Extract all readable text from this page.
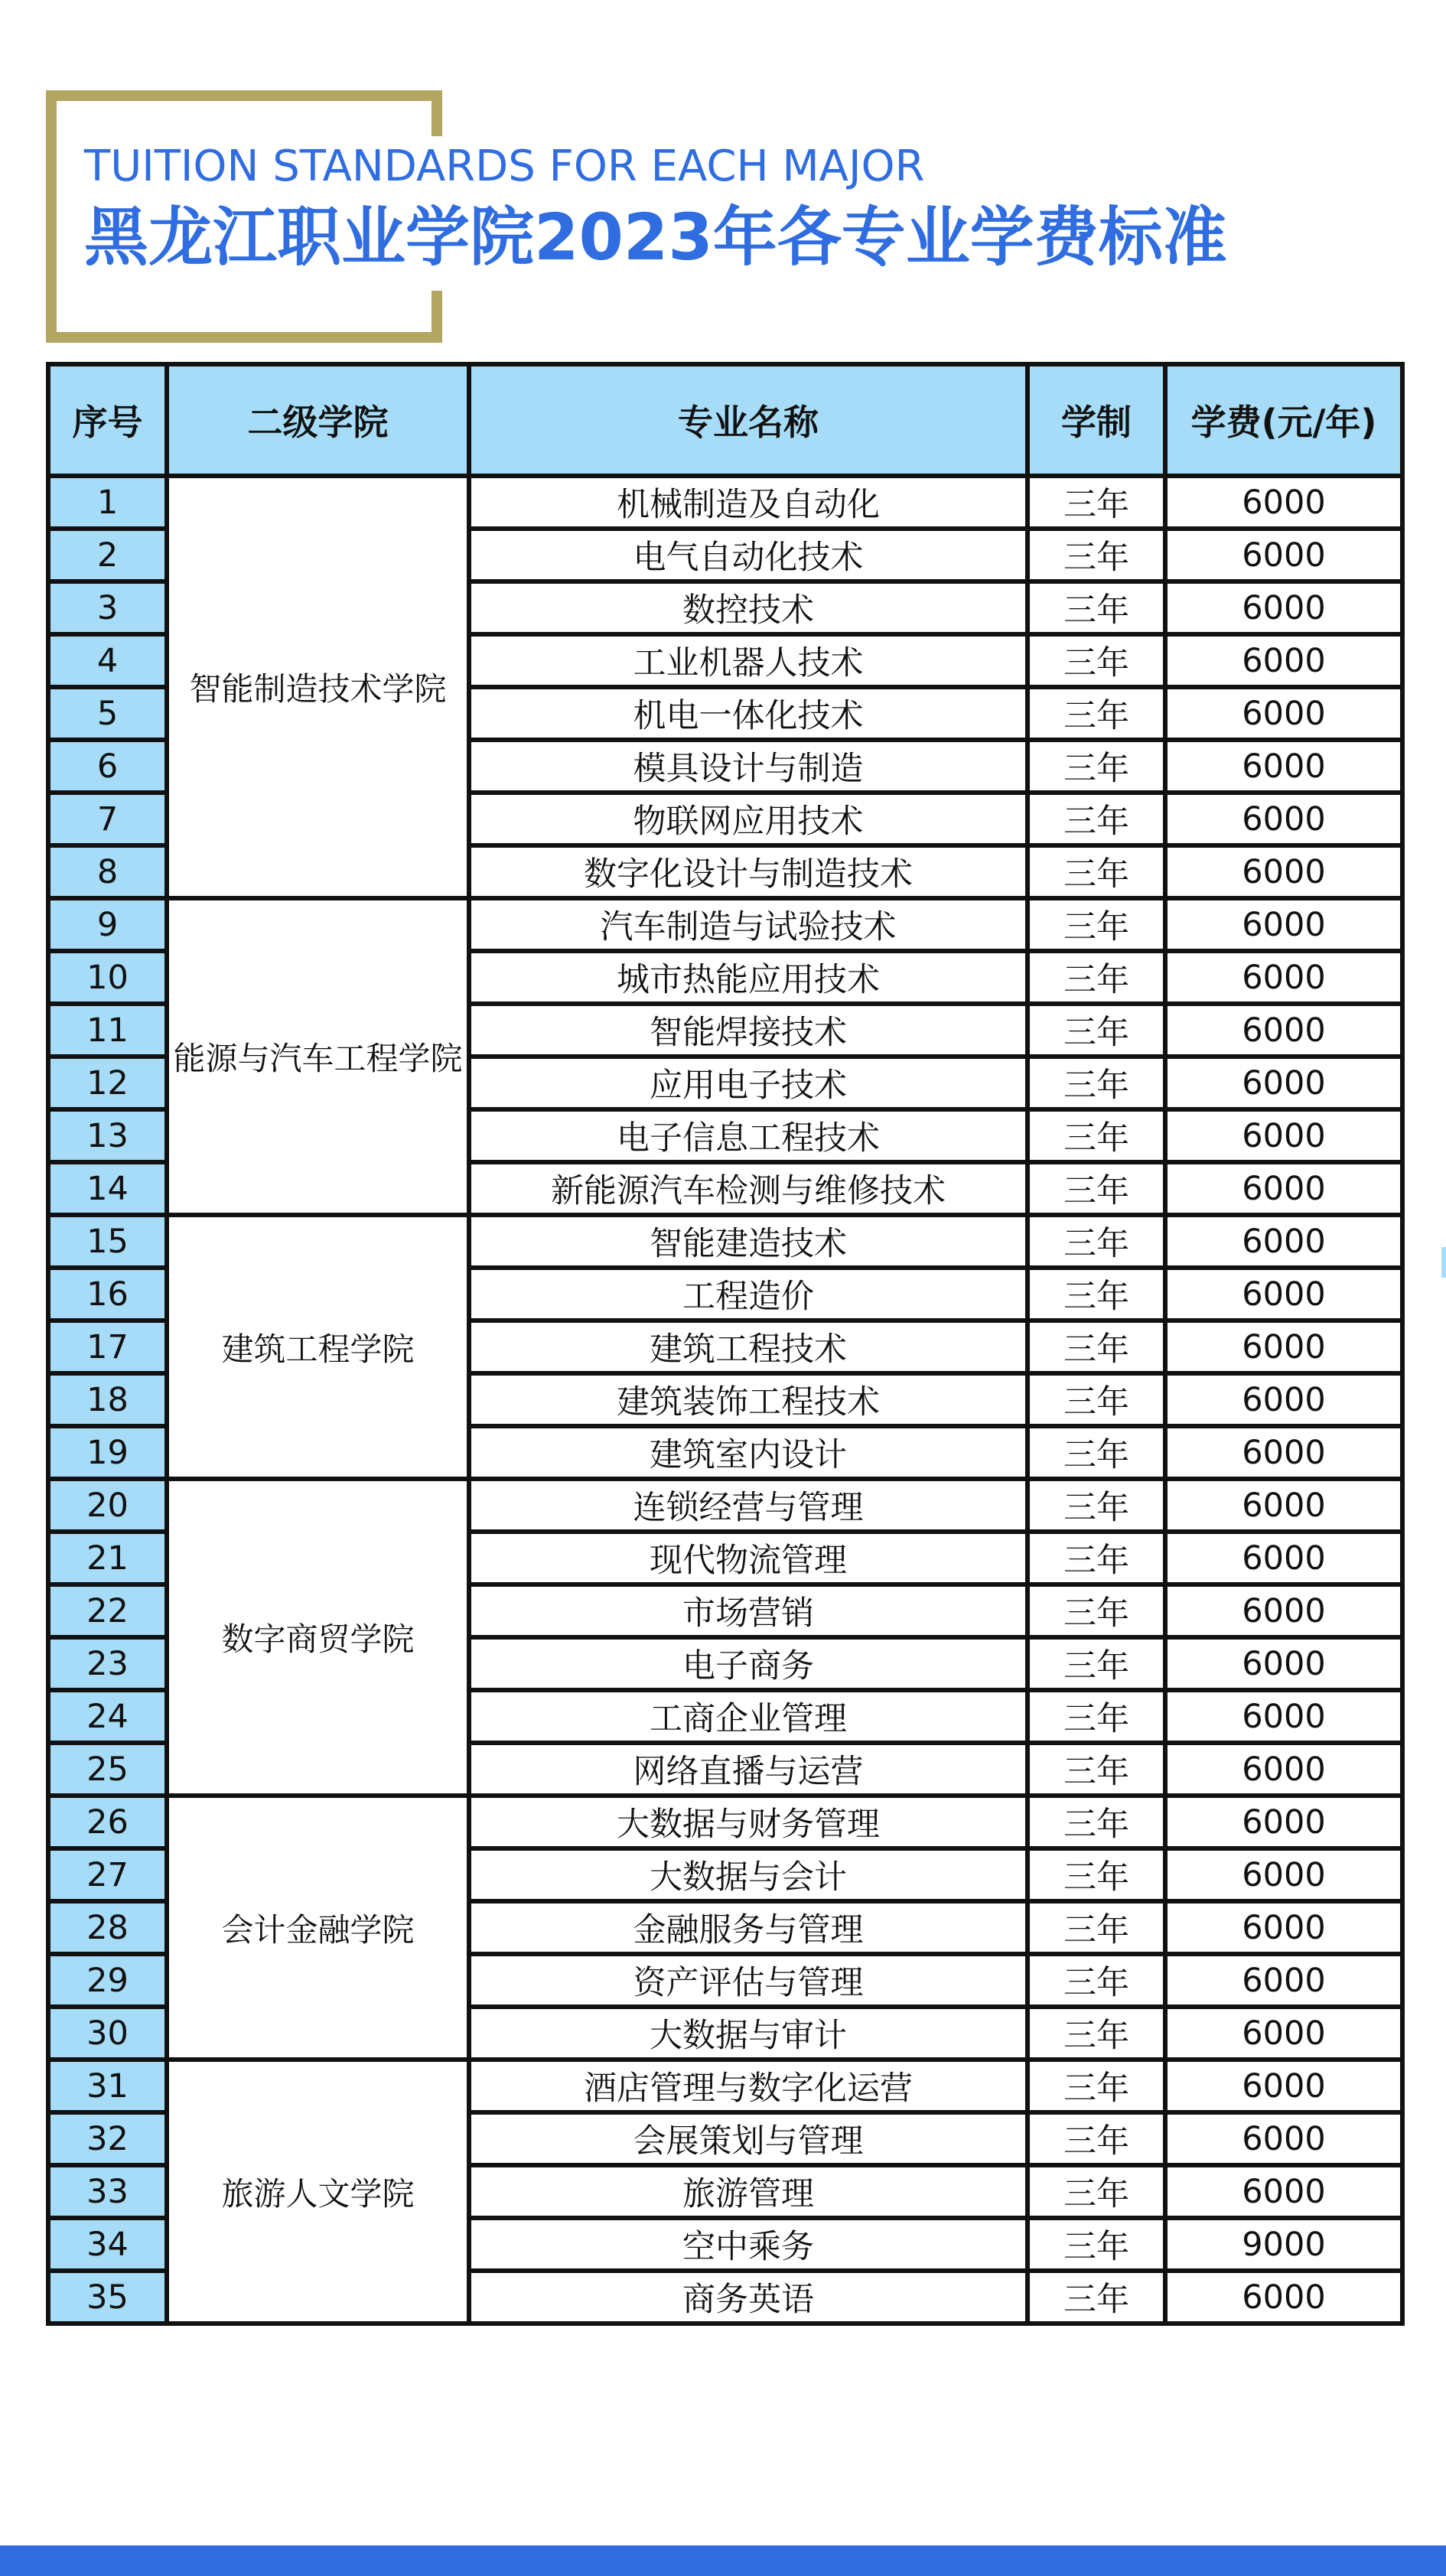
TUITION STANDARDS FOR EACH MAJOR
黑龙江职业学院2023年各专业学费标准
序号	二级学院	专业名称	学制	学费(元/年)
1	智能制造技术学院	机械制造及自动化	三年	6000
2		电气自动化技术	三年	6000
3		数控技术	三年	6000
4		工业机器人技术	三年	6000
5		机电一体化技术	三年	6000
6		模具设计与制造	三年	6000
7		物联网应用技术	三年	6000
8		数字化设计与制造技术	三年	6000
9	能源与汽车工程学院	汽车制造与试验技术	三年	6000
10		城市热能应用技术	三年	6000
11		智能焊接技术	三年	6000
12		应用电子技术	三年	6000
13		电子信息工程技术	三年	6000
14		新能源汽车检测与维修技术	三年	6000
15	建筑工程学院	智能建造技术	三年	6000
16		工程造价	三年	6000
17		建筑工程技术	三年	6000
18		建筑装饰工程技术	三年	6000
19		建筑室内设计	三年	6000
20	数字商贸学院	连锁经营与管理	三年	6000
21		现代物流管理	三年	6000
22		市场营销	三年	6000
23		电子商务	三年	6000
24		工商企业管理	三年	6000
25		网络直播与运营	三年	6000
26	会计金融学院	大数据与财务管理	三年	6000
27		大数据与会计	三年	6000
28		金融服务与管理	三年	6000
29		资产评估与管理	三年	6000
30		大数据与审计	三年	6000
31	旅游人文学院	酒店管理与数字化运营	三年	6000
32		会展策划与管理	三年	6000
33		旅游管理	三年	6000
34		空中乘务	三年	9000
35		商务英语	三年	6000
